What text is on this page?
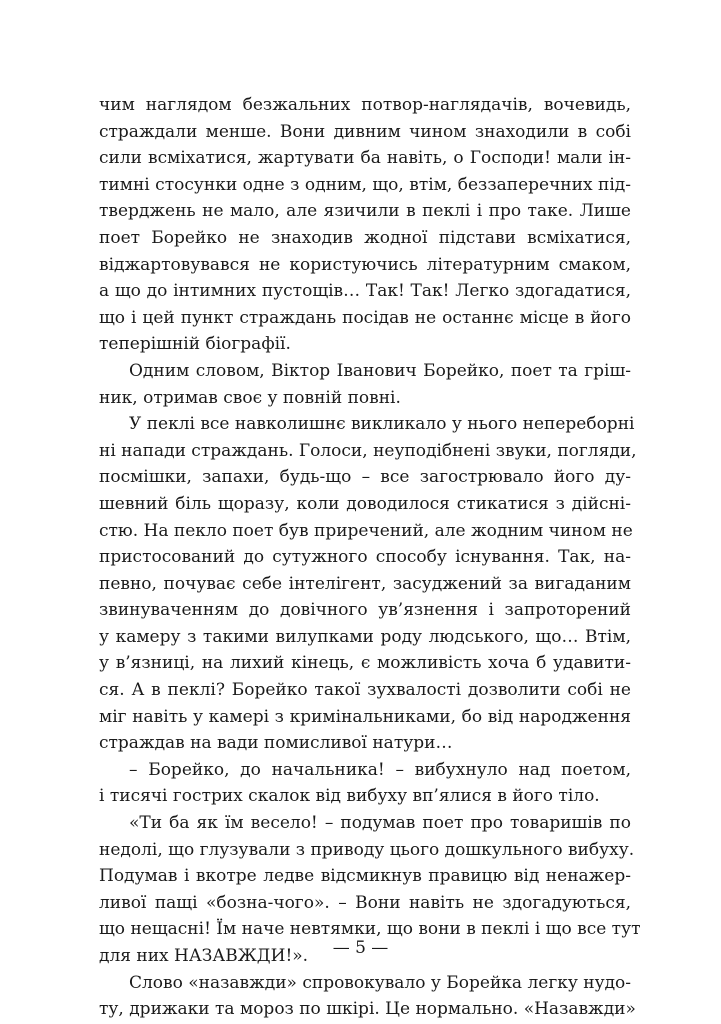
чим наглядом безжальних потвор-наглядачів, вочевидь,
страждали менше. Вони дивним чином знаходили в собі
сили всміхатися, жартувати ба навіть, о Господи! мали ін-
тимні стосунки одне з одним, що, втім, беззаперечних під-
тверджень не мало, але язичили в пеклі і про таке. Лише
поет Борейко не знаходив жодної підстави всміхатися,
віджартовувався не користуючись літературним смаком,
а що до інтимних пустощів… Так! Так! Легко здогадатися,
що і цей пункт страждань посідав не останнє місце в його
теперішній біографії.
Одним словом, Віктор Іванович Борейко, поет та гріш-
ник, отримав своє у повній повні.
У пеклі все навколишнє викликало у нього непереборні
ні напади страждань. Голоси, неуподібнені звуки, погляди,
посмішки, запахи, будь-що – все загострювало його ду-
шевний біль щоразу, коли доводилося стикатися з дійсні-
стю. На пекло поет був приречений, але жодним чином не
пристосований до сутужного способу існування. Так, на-
певно, почуває себе інтелігент, засуджений за вигаданим
звинуваченням до довічного ув’язнення і запроторений
у камеру з такими вилупками роду людського, що… Втім,
у в’язниці, на лихий кінець, є можливість хоча б удавити-
ся. А в пеклі? Борейко такої зухвалості дозволити собі не
міг навіть у камері з кримінальниками, бо від народження
страждав на вади помисливої натури…
– Борейко, до начальника! – вибухнуло над поетом,
і тисячі гострих скалок від вибуху вп’ялися в його тіло.
«Ти ба як їм весело! – подумав поет про товаришів по
недолі, що глузували з приводу цього дошкульного вибуху.
Подумав і вкотре ледве відсмикнув правицю від ненажер-
ливої пащі «бозна-чого». – Вони навіть не здогадуються,
що нещасні! Їм наче невтямки, що вони в пеклі і що все тут
для них НАЗАВЖДИ!».
Слово «назавжди» спровокувало у Борейка легку нудо-
ту, дрижаки та мороз по шкірі. Це нормально. «Назавжди»
— 5 —
